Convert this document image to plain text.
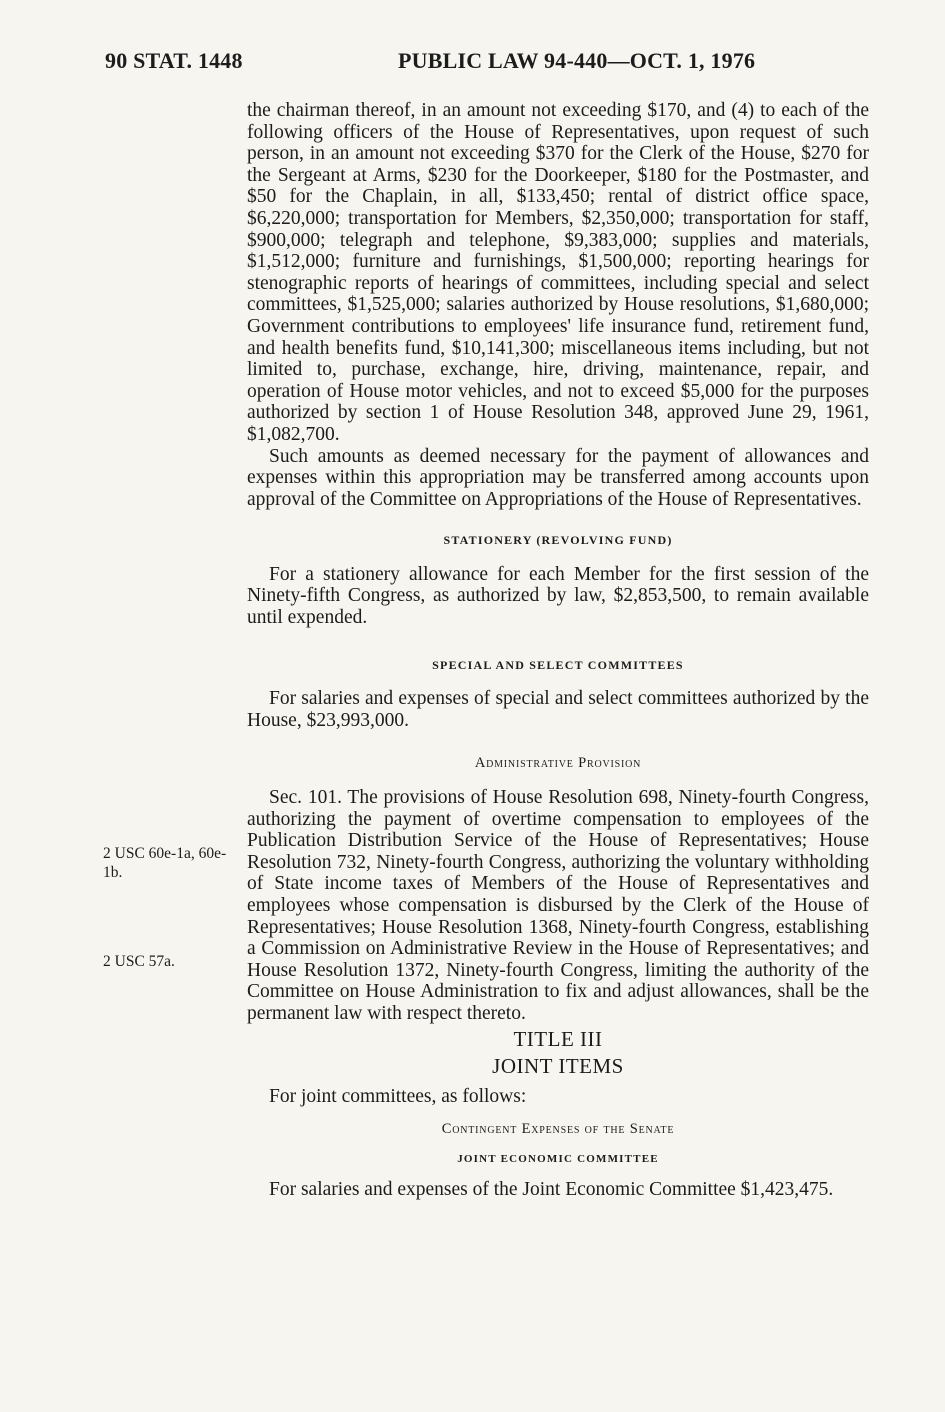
90 STAT. 1448	PUBLIC LAW 94-440—OCT. 1, 1976

the chairman thereof, in an amount not exceeding $170, and (4) to each of the following officers of the House of Representatives, upon request of such person, in an amount not exceeding $370 for the Clerk of the House, $270 for the Sergeant at Arms, $230 for the Doorkeeper, $180 for the Postmaster, and $50 for the Chaplain, in all, $133,450; rental of district office space, $6,220,000; transportation for Members, $2,350,000; transportation for staff, $900,000; telegraph and telephone, $9,383,000; supplies and materials, $1,512,000; furniture and furnishings, $1,500,000; reporting hearings for stenographic reports of hearings of committees, including special and select committees, $1,525,000; salaries authorized by House resolutions, $1,680,000; Government contributions to employees' life insurance fund, retirement fund, and health benefits fund, $10,141,300; miscellaneous items including, but not limited to, purchase, exchange, hire, driving, maintenance, repair, and operation of House motor vehicles, and not to exceed $5,000 for the purposes authorized by section 1 of House Resolution 348, approved June 29, 1961, $1,082,700.

Such amounts as deemed necessary for the payment of allowances and expenses within this appropriation may be transferred among accounts upon approval of the Committee on Appropriations of the House of Representatives.

STATIONERY (REVOLVING FUND)

For a stationery allowance for each Member for the first session of the Ninety-fifth Congress, as authorized by law, $2,853,500, to remain available until expended.

SPECIAL AND SELECT COMMITTEES

For salaries and expenses of special and select committees authorized by the House, $23,993,000.

Administrative Provision

Sec. 101. The provisions of House Resolution 698, Ninety-fourth Congress, authorizing the payment of overtime compensation to employees of the Publication Distribution Service of the House of Representatives; House Resolution 732, Ninety-fourth Congress, authorizing the voluntary withholding of State income taxes of Members of the House of Representatives and employees whose compensation is disbursed by the Clerk of the House of Representatives; House Resolution 1368, Ninety-fourth Congress, establishing a Commission on Administrative Review in the House of Representatives; and House Resolution 1372, Ninety-fourth Congress, limiting the authority of the Committee on House Administration to fix and adjust allowances, shall be the permanent law with respect thereto.

TITLE III
JOINT ITEMS

For joint committees, as follows:

Contingent Expenses of the Senate
JOINT ECONOMIC COMMITTEE

For salaries and expenses of the Joint Economic Committee $1,423,475.

2 USC 60e-1a, 60e-1b.
2 USC 57a.
